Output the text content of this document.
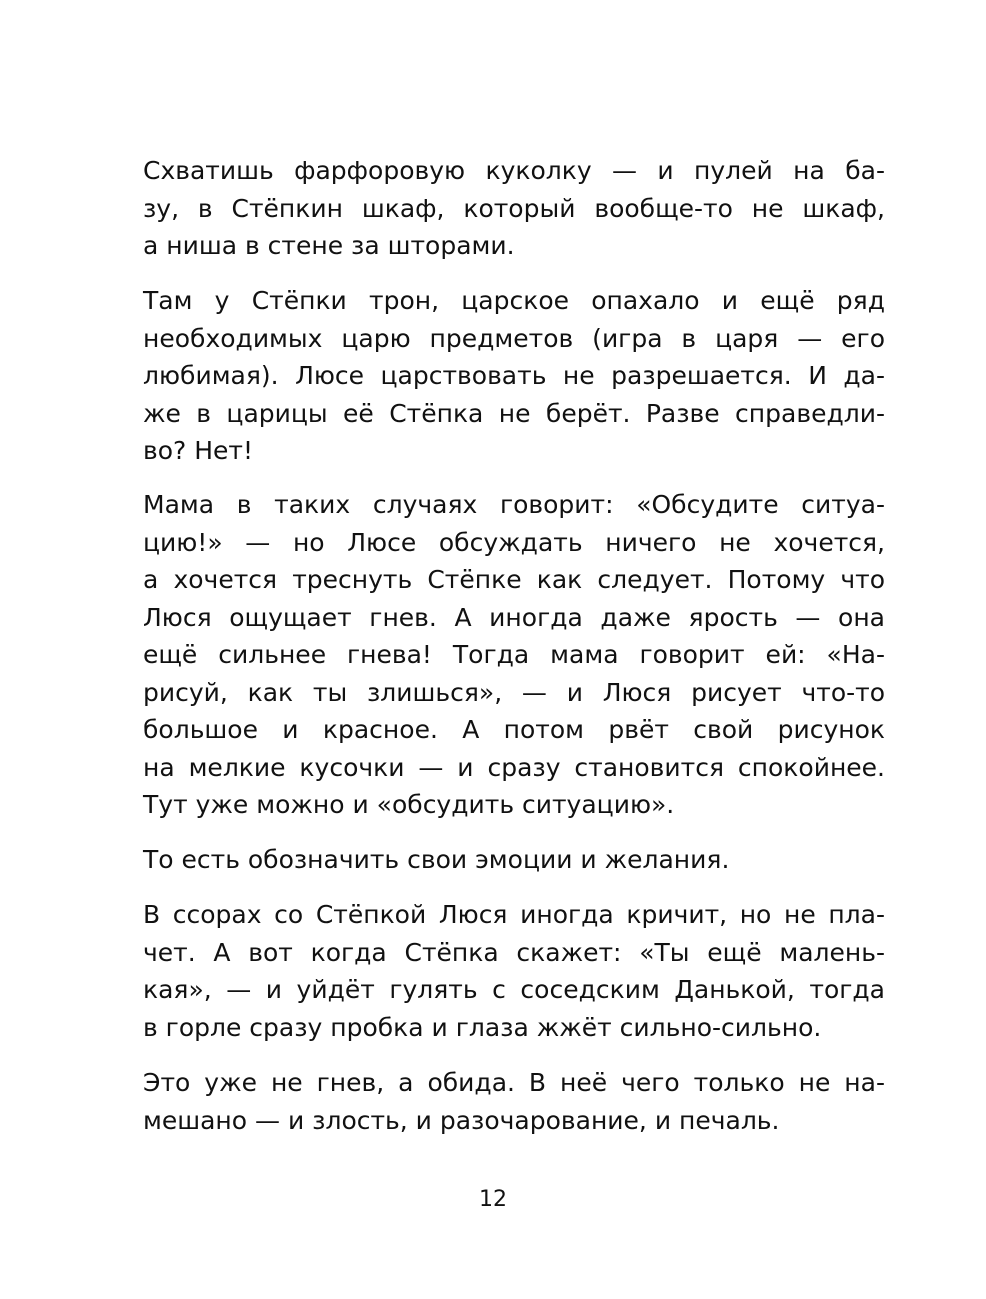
Схватишь фарфоровую куколку — и пулей на ба-
зу, в Стёпкин шкаф, который вообще-то не шкаф,
а ниша в стене за шторами.
Там у Стёпки трон, царское опахало и ещё ряд
необходимых царю предметов (игра в царя — его
любимая). Люсе царствовать не разрешается. И да-
же в царицы её Стёпка не берёт. Разве справедли-
во? Нет!
Мама в таких случаях говорит: «Обсудите ситуа-
цию!» — но Люсе обсуждать ничего не хочется,
а хочется треснуть Стёпке как следует. Потому что
Люся ощущает гнев. А иногда даже ярость — она
ещё сильнее гнева! Тогда мама говорит ей: «На-
рисуй, как ты злишься», — и Люся рисует что-то
большое и красное. А потом рвёт свой рисунок
на мелкие кусочки — и сразу становится спокойнее.
Тут уже можно и «обсудить ситуацию».
То есть обозначить свои эмоции и желания.
В ссорах со Стёпкой Люся иногда кричит, но не пла-
чет. А вот когда Стёпка скажет: «Ты ещё малень-
кая», — и уйдёт гулять с соседским Данькой, тогда
в горле сразу пробка и глаза жжёт сильно-сильно.
Это уже не гнев, а обида. В неё чего только не на-
мешано — и злость, и разочарование, и печаль.
12
